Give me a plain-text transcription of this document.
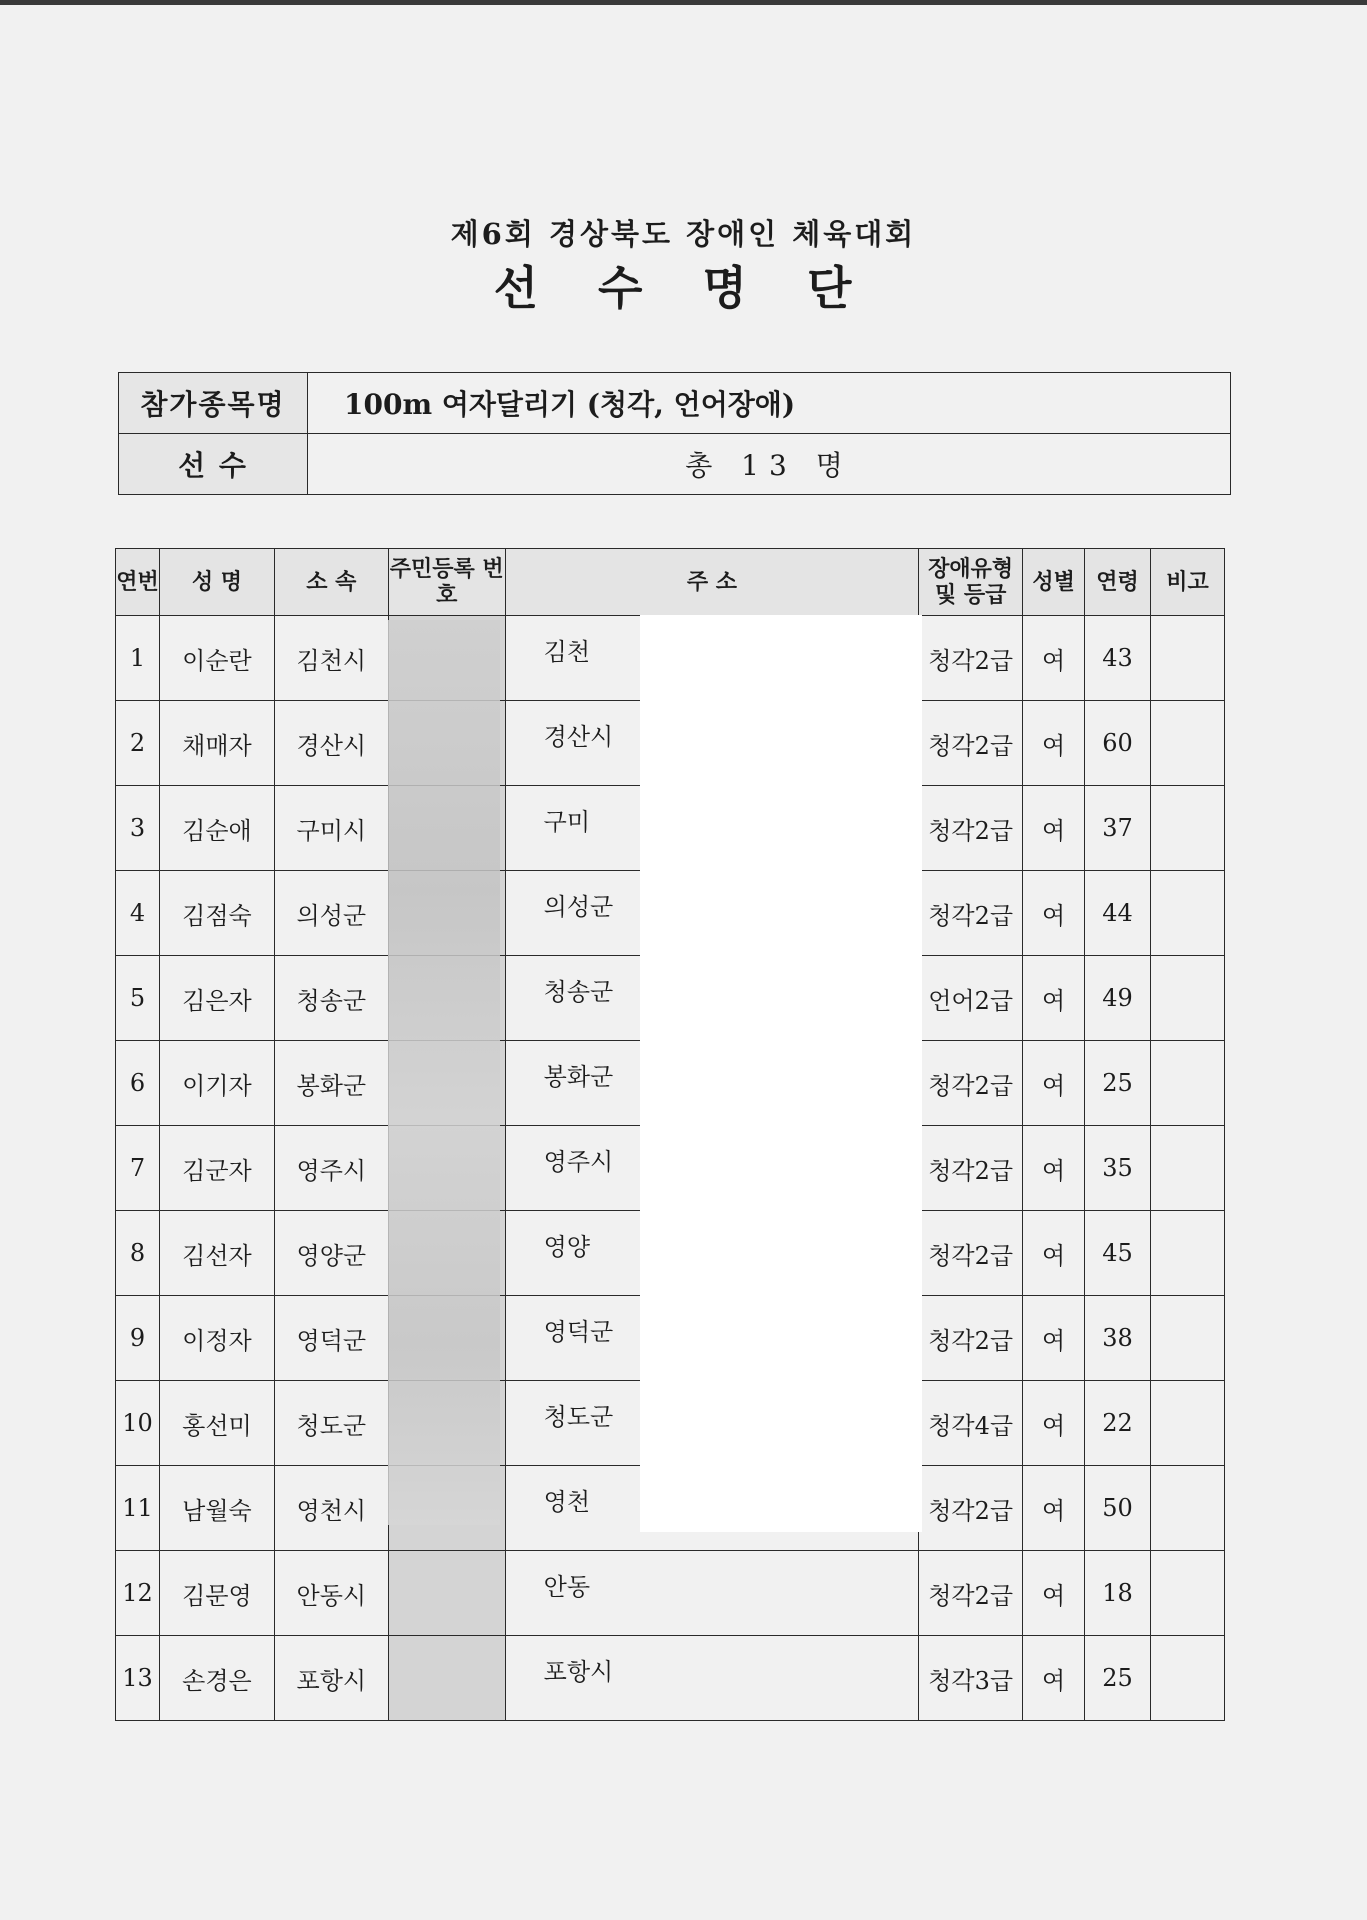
제6회 경상북도 장애인 체육대회
선 수 명 단
참가종목명	100m 여자달리기 (청각, 언어장애)
선 수	총 13 명
연번	성 명	소 속	주민등록 번 호	주 소	장애유형 및 등급	성별	연령	비고
1	이순란	김천시		김천	청각2급	여	43	
2	채매자	경산시		경산시	청각2급	여	60	
3	김순애	구미시		구미	청각2급	여	37	
4	김점숙	의성군		의성군	청각2급	여	44	
5	김은자	청송군		청송군	언어2급	여	49	
6	이기자	봉화군		봉화군	청각2급	여	25	
7	김군자	영주시		영주시	청각2급	여	35	
8	김선자	영양군		영양	청각2급	여	45	
9	이정자	영덕군		영덕군	청각2급	여	38	
10	홍선미	청도군		청도군	청각4급	여	22	
11	남월숙	영천시		영천	청각2급	여	50	
12	김문영	안동시		안동	청각2급	여	18	
13	손경은	포항시		포항시	청각3급	여	25	
